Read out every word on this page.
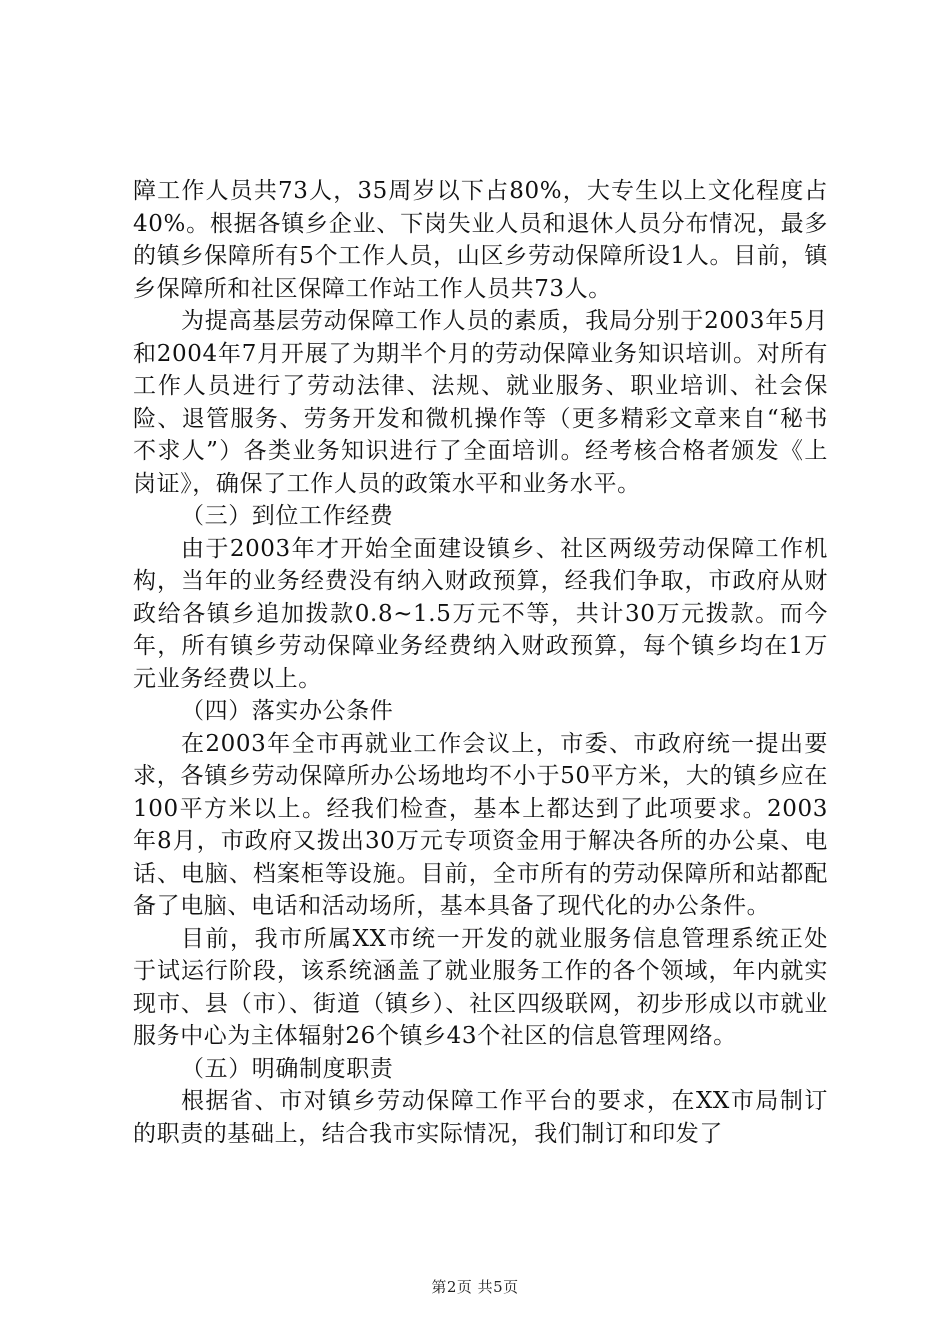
障工作人员共73人，35周岁以下占80%，大专生以上文化程度占40%。根据各镇乡企业、下岗失业人员和退休人员分布情况，最多的镇乡保障所有5个工作人员，山区乡劳动保障所设1人。目前，镇乡保障所和社区保障工作站工作人员共73人。

为提高基层劳动保障工作人员的素质，我局分别于2003年5月和2004年7月开展了为期半个月的劳动保障业务知识培训。对所有工作人员进行了劳动法律、法规、就业服务、职业培训、社会保险、退管服务、劳务开发和微机操作等（更多精彩文章来自“秘书不求人”）各类业务知识进行了全面培训。经考核合格者颁发《上岗证》，确保了工作人员的政策水平和业务水平。

（三）到位工作经费

由于2003年才开始全面建设镇乡、社区两级劳动保障工作机构，当年的业务经费没有纳入财政预算，经我们争取，市政府从财政给各镇乡追加拨款0.8~1.5万元不等，共计30万元拨款。而今年，所有镇乡劳动保障业务经费纳入财政预算，每个镇乡均在1万元业务经费以上。

（四）落实办公条件

在2003年全市再就业工作会议上，市委、市政府统一提出要求，各镇乡劳动保障所办公场地均不小于50平方米，大的镇乡应在100平方米以上。经我们检查，基本上都达到了此项要求。2003年8月，市政府又拨出30万元专项资金用于解决各所的办公桌、电话、电脑、档案柜等设施。目前，全市所有的劳动保障所和站都配备了电脑、电话和活动场所，基本具备了现代化的办公条件。

目前，我市所属XX市统一开发的就业服务信息管理系统正处于试运行阶段，该系统涵盖了就业服务工作的各个领域，年内就实现市、县（市）、街道（镇乡）、社区四级联网，初步形成以市就业服务中心为主体辐射26个镇乡43个社区的信息管理网络。

（五）明确制度职责

根据省、市对镇乡劳动保障工作平台的要求，在XX市局制订的职责的基础上，结合我市实际情况，我们制订和印发了

第2页 共5页
